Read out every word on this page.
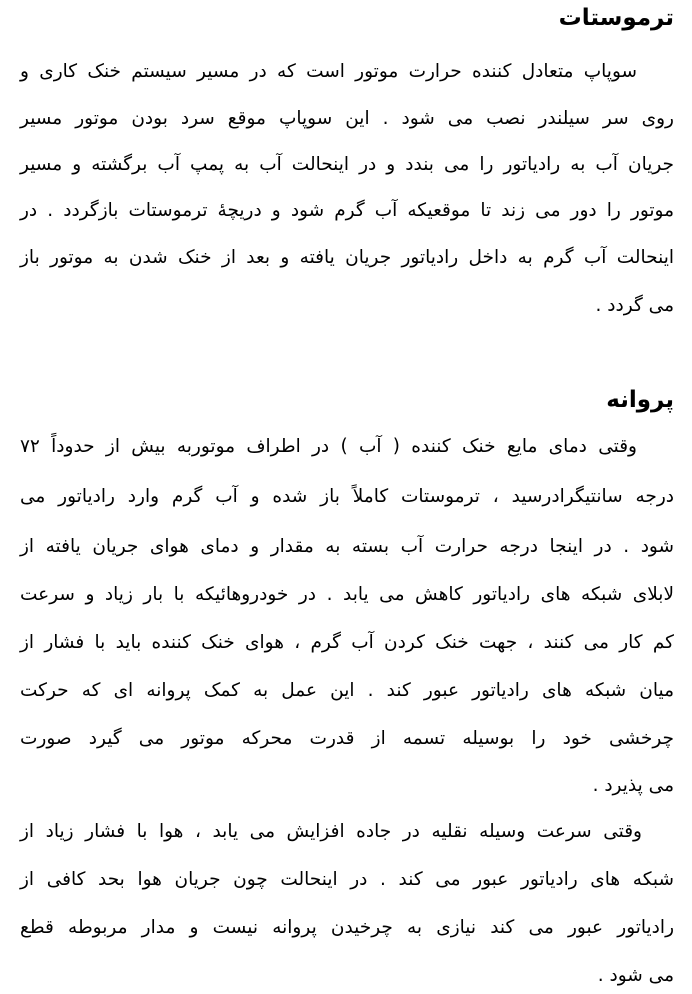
ترموستات
سوپاپ متعادل کننده حرارت موتور است که در مسیر سیستم خنک کاری و
روی سر سیلندر نصب می شود . این سوپاپ موقع سرد بودن موتور مسیر
جریان آب به رادیاتور را می بندد و در اینحالت آب به پمپ آب برگشته و مسیر
موتور را دور می زند تا موقعیکه آب گرم شود و دریچهٔ ترموستات بازگردد . در
اینحالت آب گرم به داخل رادیاتور جریان یافته و بعد از خنک شدن به موتور باز
می گردد .
پروانه
وقتی دمای مایع خنک کننده ( آب ) در اطراف موتوربه بیش از حدوداً ۷۲
درجه سانتیگرادرسید ، ترموستات کاملاً باز شده و آب گرم وارد رادیاتور می
شود . در اینجا درجه حرارت آب بسته به مقدار و دمای هوای جریان یافته از
لابلای شبکه های رادیاتور کاهش می یابد . در خودروهائیکه با بار زیاد و سرعت
کم کار می کنند ، جهت خنک کردن آب گرم ، هوای خنک کننده باید با فشار از
میان شبکه های رادیاتور عبور کند . این عمل به کمک پروانه ای که حرکت
چرخشی خود را بوسیله تسمه از قدرت محرکه موتور می گیرد صورت
می پذیرد .
وقتی سرعت وسیله نقلیه در جاده افزایش می یابد ، هوا با فشار زیاد از
شبکه های رادیاتور عبور می کند . در اینحالت چون جریان هوا بحد کافی از
رادیاتور عبور می کند نیازی به چرخیدن پروانه نیست و مدار مربوطه قطع
می شود .
